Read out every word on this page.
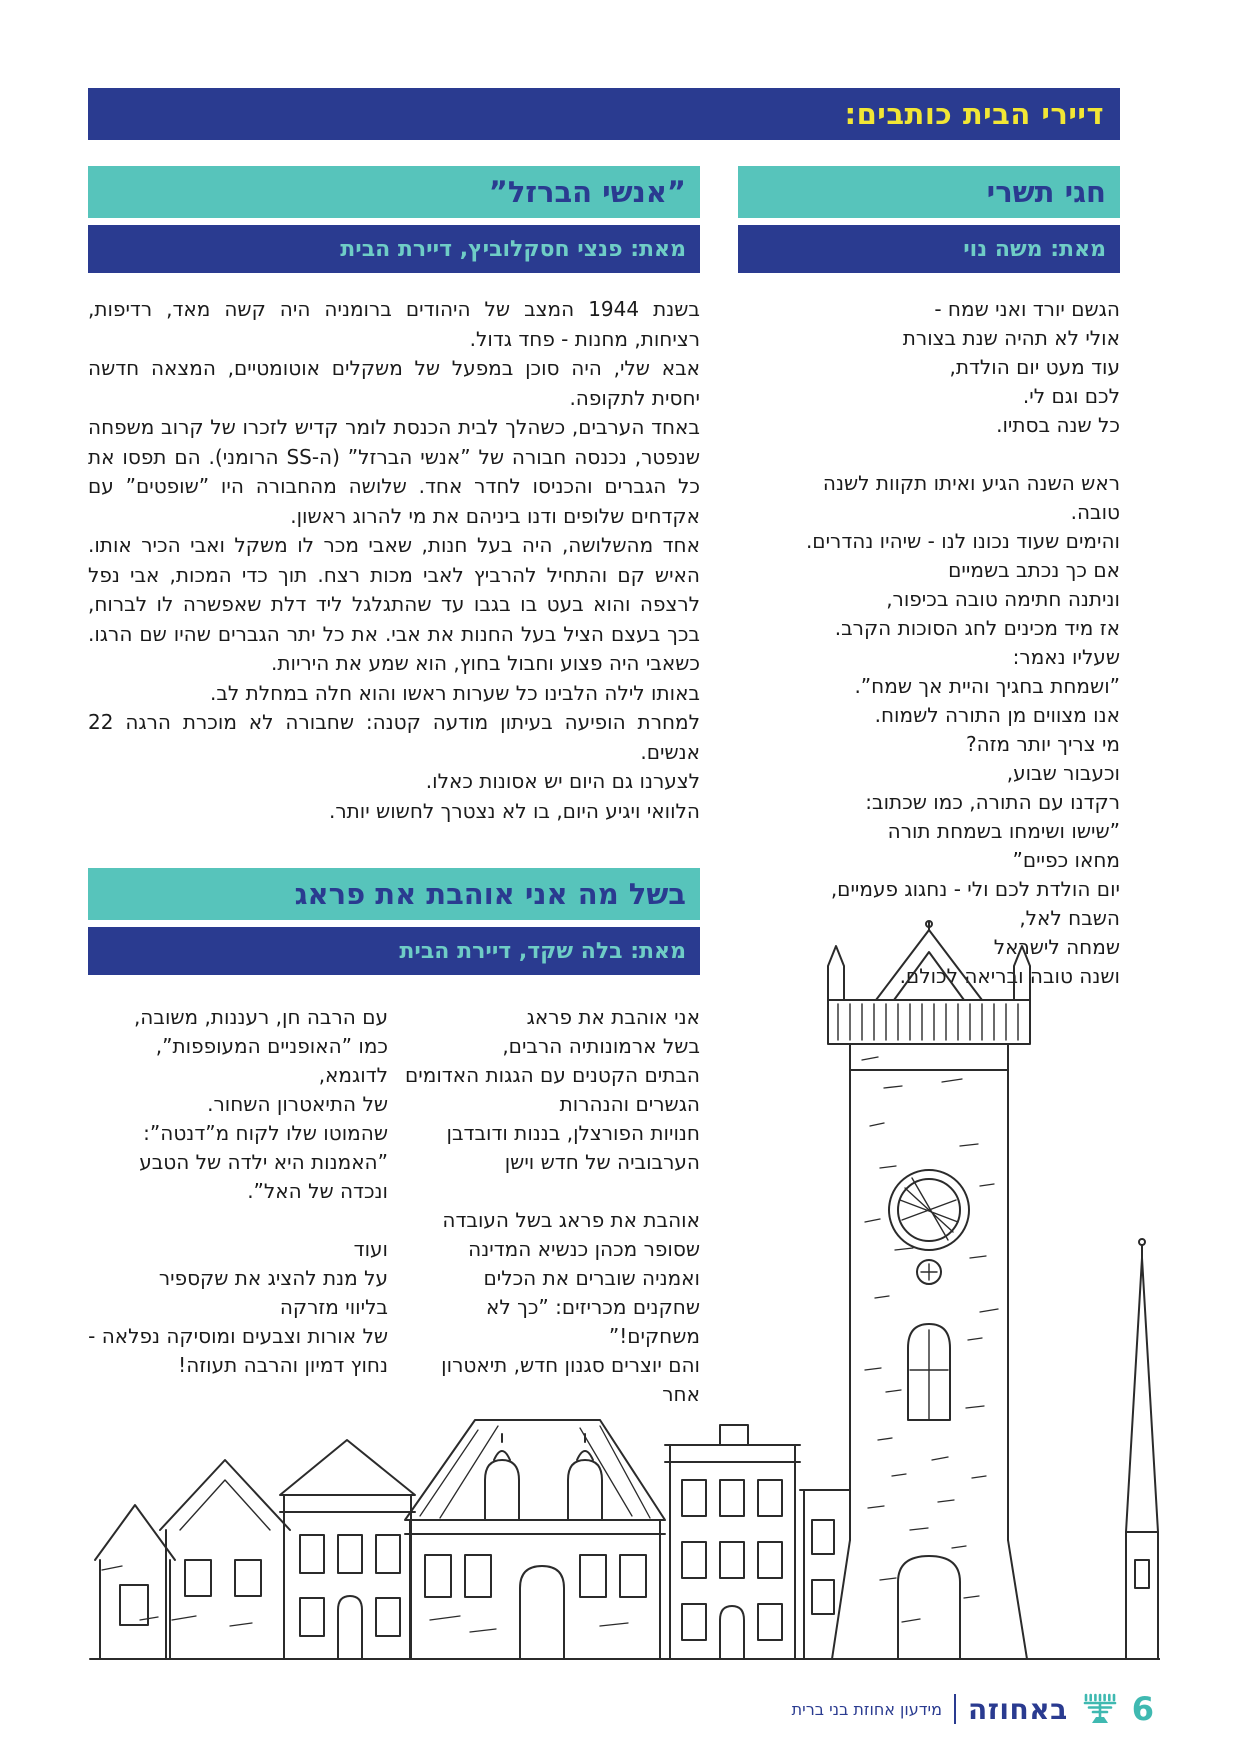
דיירי הבית כותבים:
חגי תשרי
מאת: משה נוי
הגשם יורד ואני שמח -
אולי לא תהיה שנת בצורת
עוד מעט יום הולדת,
לכם וגם לי.
כל שנה בסתיו.

ראש השנה הגיע ואיתו תקוות לשנה
טובה.
והימים שעוד נכונו לנו - שיהיו נהדרים.
אם כך נכתב בשמיים
וניתנה חתימה טובה בכיפור,
אז מיד מכינים לחג הסוכות הקרב.
שעליו נאמר:
”ושמחת בחגיך והיית אך שמח”.
אנו מצווים מן התורה לשמוח.
מי צריך יותר מזה?
וכעבור שבוע,
רקדנו עם התורה, כמו שכתוב:
”שישו ושימחו בשמחת תורה
מחאו כפיים”
יום הולדת לכם ולי - נחגוג פעמיים,
השבח לאל,
שמחה לישראל
ושנה טובה ובריאה לכולם.
”אנשי הברזל”
מאת: פנצי חסקלוביץ, דיירת הבית
בשנת 1944 המצב של היהודים ברומניה היה קשה מאד, רדיפות, רציחות, מחנות - פחד גדול.
אבא שלי, היה סוכן במפעל של משקלים אוטומטיים, המצאה חדשה יחסית לתקופה.
באחד הערבים, כשהלך לבית הכנסת לומר קדיש לזכרו של קרוב משפחה שנפטר, נכנסה חבורה של ”אנשי הברזל” (ה-SS הרומני). הם תפסו את כל הגברים והכניסו לחדר אחד. שלושה מהחבורה היו ”שופטים” עם אקדחים שלופים ודנו ביניהם את מי להרוג ראשון.
אחד מהשלושה, היה בעל חנות, שאבי מכר לו משקל ואבי הכיר אותו. האיש קם והתחיל להרביץ לאבי מכות רצח. תוך כדי המכות, אבי נפל לרצפה והוא בעט בו בגבו עד שהתגלגל ליד דלת שאפשרה לו לברוח, בכך בעצם הציל בעל החנות את אבי. את כל יתר הגברים שהיו שם הרגו. כשאבי היה פצוע וחבול בחוץ, הוא שמע את היריות.
באותו לילה הלבינו כל שערות ראשו והוא חלה במחלת לב.
למחרת הופיעה בעיתון מודעה קטנה: שחבורה לא מוכרת הרגה 22 אנשים.
לצערנו גם היום יש אסונות כאלו.
הלוואי ויגיע היום, בו לא נצטרך לחשוש יותר.
בשל מה אני אוהבת את פראג
מאת: בלה שקד, דיירת הבית
אני אוהבת את פראג
בשל ארמונותיה הרבים,
הבתים הקטנים עם הגגות האדומים
הגשרים והנהרות
חנויות הפורצלן, בננות ודובדבן
הערבוביה של חדש וישן

אוהבת את פראג בשל העובדה
שסופר מכהן כנשיא המדינה
ואמניה שוברים את הכלים
שחקנים מכריזים: ”כך לא משחקים!”
והם יוצרים סגנון חדש, תיאטרון אחר
עם הרבה חן, רעננות, משובה,
כמו ”האופניים המעופפות”, לדוגמא,
של התיאטרון השחור.
שהמוטו שלו לקוח מ”דנטה”:
”האמנות היא ילדה של הטבע
ונכדה של האל”.

ועוד
על מנת להציג את שקספיר
בליווי מזרקה
של אורות וצבעים ומוסיקה נפלאה -
נחוץ דמיון והרבה תעוזה!
6
באחוזה
מידעון אחוזת בני ברית
